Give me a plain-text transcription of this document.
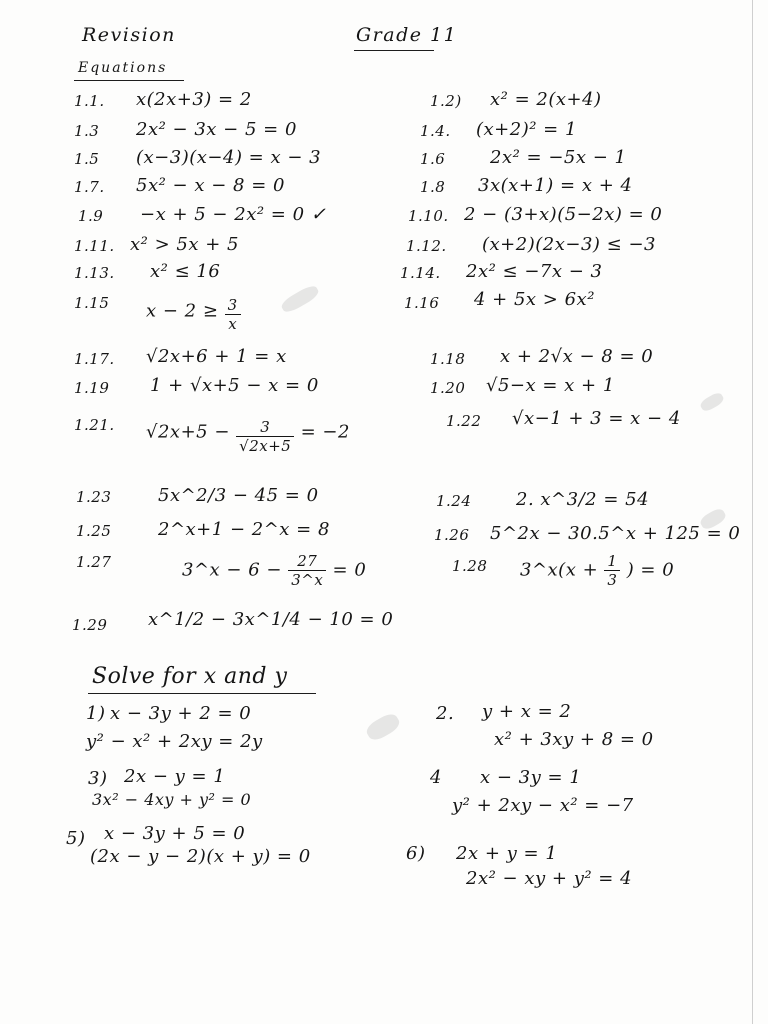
Revision	Grade 11
Equations
1.1. x(2x+3) = 2	1.2) x² = 2(x+4)
1.3 2x² − 3x − 5 = 0	1.4. (x+2)² = 1
1.5 (x−3)(x−4) = x − 3	1.6 2x² = −5x − 1
1.7. 5x² − x − 8 = 0	1.8 3x(x+1) = x + 4
1.9 −x + 5 − 2x² = 0 ✓	1.10. 2 − (3+x)(5−2x) = 0
1.11. x² > 5x + 5	1.12. (x+2)(2x−3) ≤ −3
1.13. x² ≤ 16	1.14. 2x² ≤ −7x − 3
1.15 $x - 2 \ge \frac{3}{x}$	1.16 4 + 5x > 6x²
1.17. √2x+6 + 1 = x	1.18 x + 2√x − 8 = 0
1.19 1 + √x+5 − x = 0	1.20 √5−x = x + 1
1.21. $√2x+5 - \frac{3}{√2x+5} = -2$
1.22 √x−1 + 3 = x − 4
1.23	5x^2/3 − 45 = 0	1.24 2. x^3/2 = 54
1.25	2^x+1 − 2^x = 8	1.26 5^2x − 30.5^x + 125 = 0
1.27	3^x − $6 - \frac{27}{3\^{}x} = 0$	1.28 3^x(x + $\frac{1}{3}$ ) = 0
1.29 x^1/2 − 3x^1/4 − 10 = 0
Solve for x and y
1) x − 3y + 2 = 0
y² − x² + 2xy = 2y
2. y + x = 2
x² + 3xy + 8 = 0
3) 2x − y = 1
3x² − 4xy + y² = 0
4 x − 3y = 1
y² + 2xy − x² = −7
5) x − 3y + 5 = 0
(2x − y − 2)(x + y) = 0	6) 2x + y = 1
2x² − xy + y² = 4
